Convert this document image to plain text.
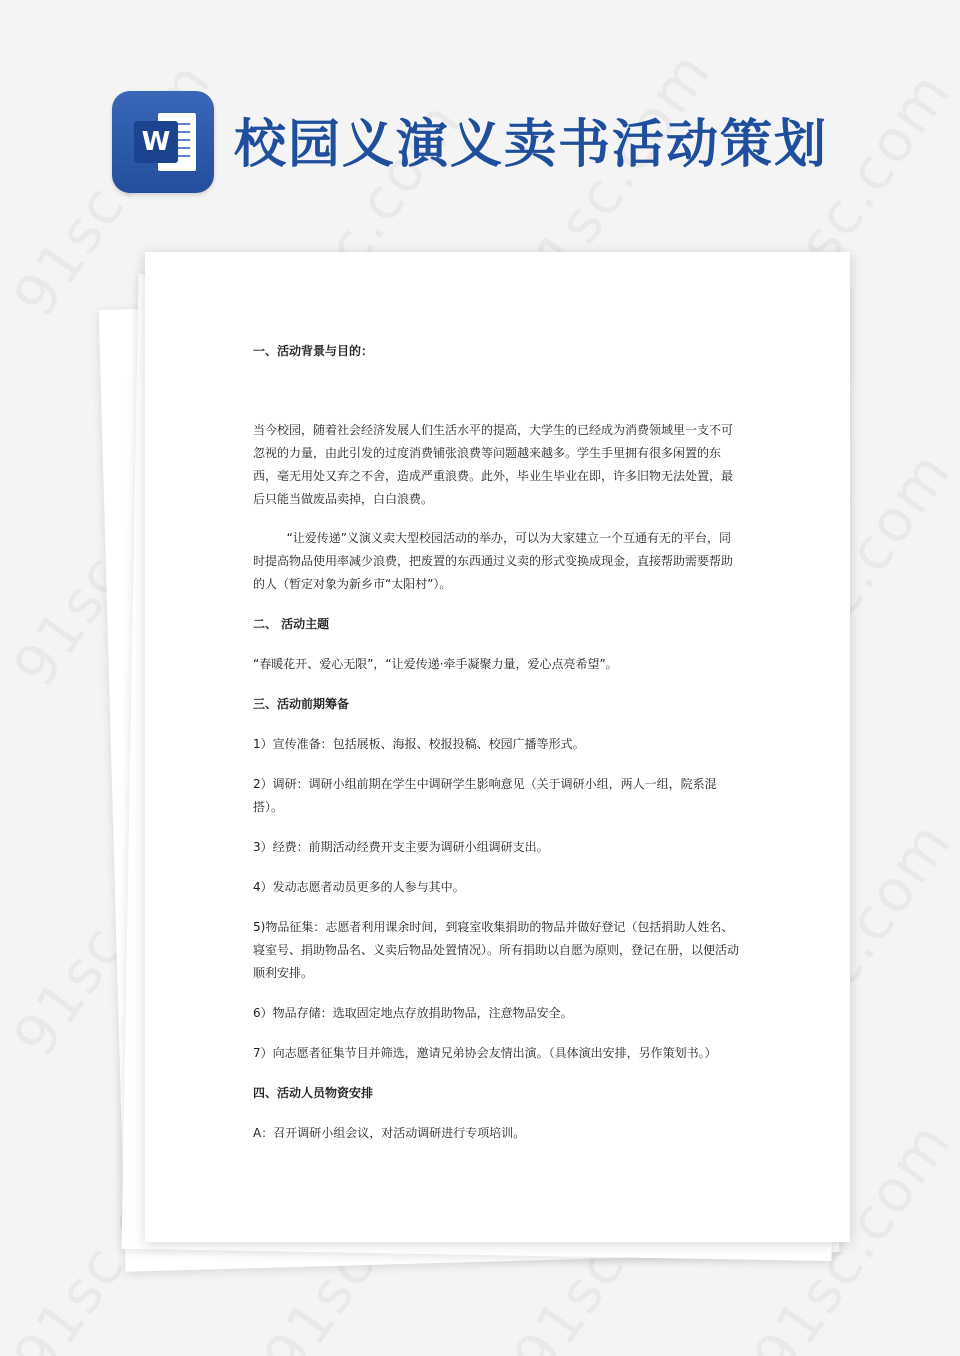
W 校园义演义卖书活动策划

一、活动背景与目的：

当今校园，随着社会经济发展人们生活水平的提高，大学生的已经成为消费领域里一支不可忽视的力量，由此引发的过度消费铺张浪费等问题越来越多。学生手里拥有很多闲置的东西，毫无用处又弃之不舍，造成严重浪费。此外，毕业生毕业在即，许多旧物无法处置，最后只能当做废品卖掉，白白浪费。

“让爱传递”义演义卖大型校园活动的举办，可以为大家建立一个互通有无的平台，同时提高物品使用率减少浪费，把废置的东西通过义卖的形式变换成现金，直接帮助需要帮助的人（暂定对象为新乡市“太阳村”）。

二、 活动主题

“春暖花开、爱心无限”，“让爱传递·牵手凝聚力量，爱心点亮希望”。

三、活动前期筹备

1）宣传准备：包括展板、海报、校报投稿、校园广播等形式。

2）调研：调研小组前期在学生中调研学生影响意见（关于调研小组，两人一组，院系混搭）。

3）经费：前期活动经费开支主要为调研小组调研支出。

4）发动志愿者动员更多的人参与其中。

5)物品征集：志愿者利用课余时间，到寝室收集捐助的物品并做好登记（包括捐助人姓名、寝室号、捐助物品名、义卖后物品处置情况）。所有捐助以自愿为原则，登记在册，以便活动顺利安排。

6）物品存储：选取固定地点存放捐助物品，注意物品安全。

7）向志愿者征集节目并筛选，邀请兄弟协会友情出演。（具体演出安排，另作策划书。）

四、活动人员物资安排

A：召开调研小组会议，对活动调研进行专项培训。
